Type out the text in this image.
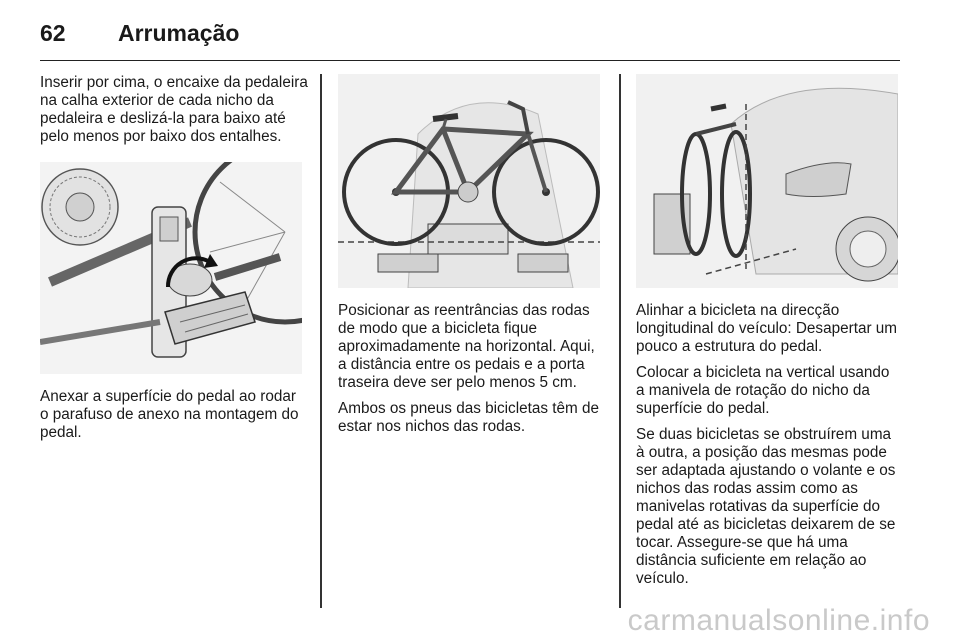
62 Arrumação

Inserir por cima, o encaixe da pedaleira na calha exterior de cada nicho da pedaleira e deslizá-la para baixo até pelo menos por baixo dos entalhes.

Anexar a superfície do pedal ao rodar o parafuso de anexo na montagem do pedal.

Posicionar as reentrâncias das rodas de modo que a bicicleta fique aproximadamente na horizontal. Aqui, a distância entre os pedais e a porta traseira deve ser pelo menos 5 cm.

Ambos os pneus das bicicletas têm de estar nos nichos das rodas.

Alinhar a bicicleta na direcção longitudinal do veículo: Desapertar um pouco a estrutura do pedal.

Colocar a bicicleta na vertical usando a manivela de rotação do nicho da superfície do pedal.

Se duas bicicletas se obstruírem uma à outra, a posição das mesmas pode ser adaptada ajustando o volante e os nichos das rodas assim como as manivelas rotativas da superfície do pedal até as bicicletas deixarem de se tocar. Assegure-se que há uma distância suficiente em relação ao veículo.

carmanualsonline.info
